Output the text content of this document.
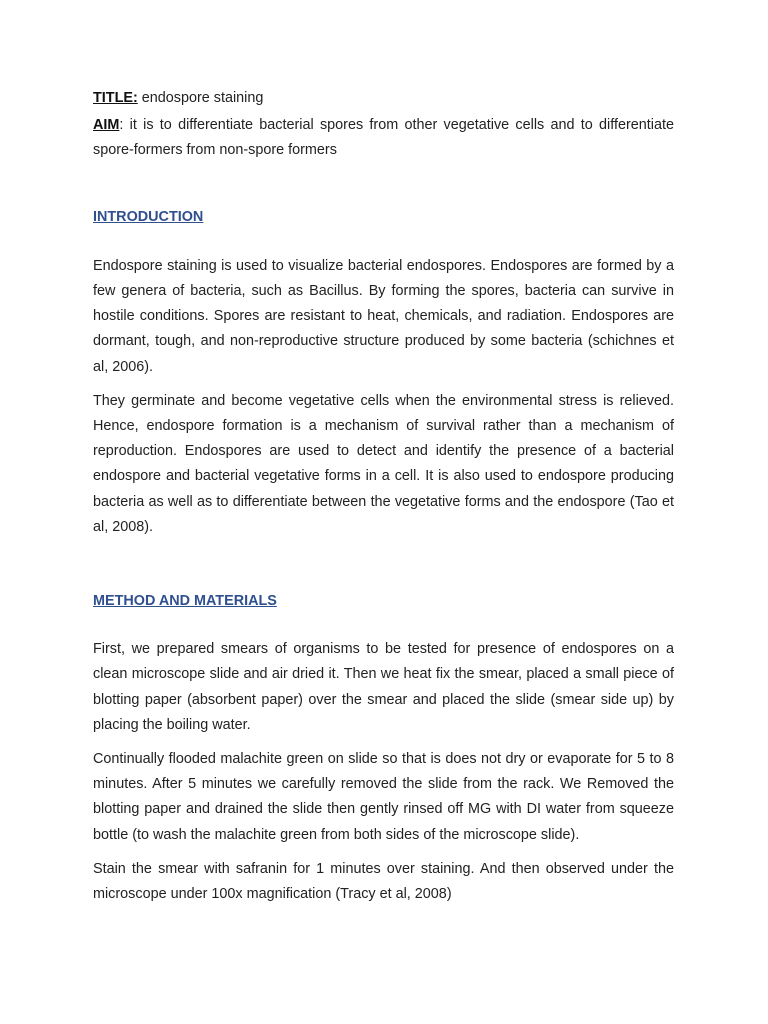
TITLE: endospore staining

AIM: it is to differentiate bacterial spores from other vegetative cells and to differentiate spore-formers from non-spore formers

INTRODUCTION

Endospore staining is used to visualize bacterial endospores. Endospores are formed by a few genera of bacteria, such as Bacillus. By forming the spores, bacteria can survive in hostile conditions. Spores are resistant to heat, chemicals, and radiation. Endospores are dormant, tough, and non-reproductive structure produced by some bacteria (schichnes et al, 2006).

They germinate and become vegetative cells when the environmental stress is relieved. Hence, endospore formation is a mechanism of survival rather than a mechanism of reproduction. Endospores are used to detect and identify the presence of a bacterial endospore and bacterial vegetative forms in a cell. It is also used to endospore producing bacteria as well as to differentiate between the vegetative forms and the endospore (Tao et al, 2008).

METHOD AND MATERIALS

First, we prepared smears of organisms to be tested for presence of endospores on a clean microscope slide and air dried it. Then we heat fix the smear, placed a small piece of blotting paper (absorbent paper) over the smear and placed the slide (smear side up) by placing the boiling water.

Continually flooded malachite green on slide so that is does not dry or evaporate for 5 to 8 minutes. After 5 minutes we carefully removed the slide from the rack. We Removed the blotting paper and drained the slide then gently rinsed off MG with DI water from squeeze bottle (to wash the malachite green from both sides of the microscope slide).

Stain the smear with safranin for 1 minutes over staining. And then observed under the microscope under 100x magnification (Tracy et al, 2008)
